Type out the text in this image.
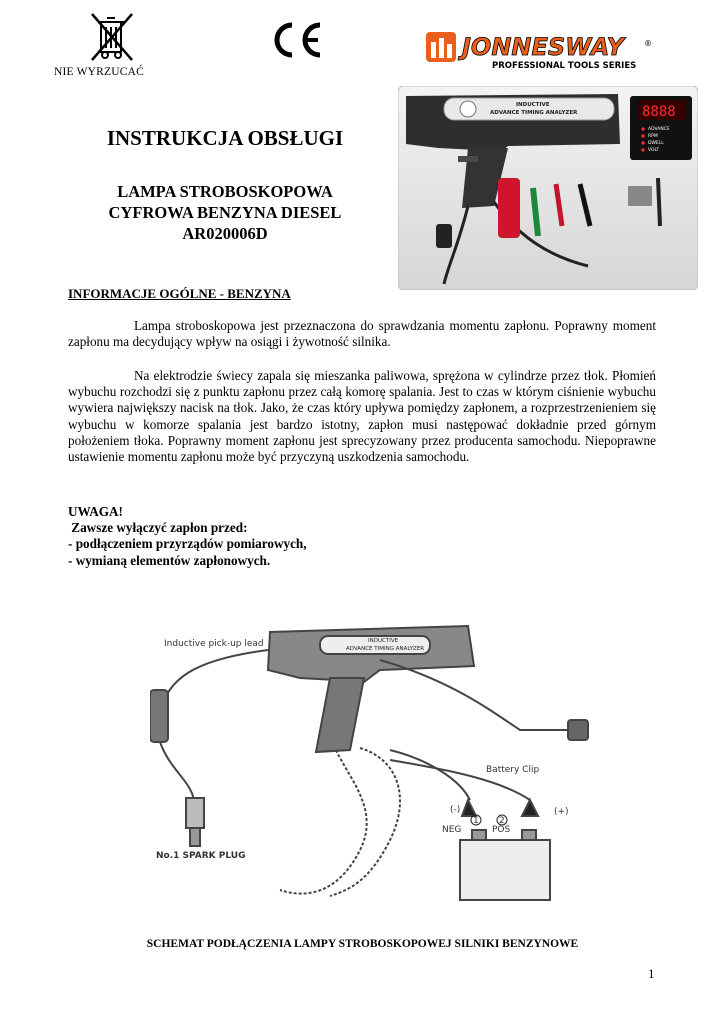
NIE WYRZUCAĆ
JONNESWAY	®
PROFESSIONAL TOOLS SERIES
INDUCTIVE
ADVANCE TIMING ANALYZER	8888
ADVANCE
RPM
DWELL
VOLT
INSTRUKCJA OBSŁUGI
LAMPA STROBOSKOPOWA
CYFROWA BENZYNA DIESEL
AR020006D
INFORMACJE OGÓLNE - BENZYNA
Lampa stroboskopowa jest przeznaczona do sprawdzania momentu zapłonu. Poprawny moment zapłonu ma decydujący wpływ na osiągi i żywotność silnika.
Na elektrodzie świecy zapala się mieszanka paliwowa, sprężona w cylindrze przez tłok. Płomień wybuchu rozchodzi się z punktu zapłonu przez całą komorę spalania. Jest to czas w którym ciśnienie wybuchu wywiera największy nacisk na tłok. Jako, że czas który upływa pomiędzy zapłonem, a rozprzestrzenieniem się wybuchu w komorze spalania jest bardzo istotny, zapłon musi następować dokładnie przed górnym położeniem tłoka. Poprawny moment zapłonu jest sprecyzowany przez producenta samochodu. Niepoprawne ustawienie momentu zapłonu może być przyczyną uszkodzenia samochodu.
UWAGA!
Zawsze wyłączyć zapłon przed:
- podłączeniem przyrządów pomiarowych,
- wymianą elementów zapłonowych.
INDUCTIVE
ADVANCE TIMING ANALYZER
Inductive pick-up lead
Battery Clip
(-)	(+)
NEG	POS
1 2
No.1 SPARK PLUG
SCHEMAT PODŁĄCZENIA LAMPY STROBOSKOPOWEJ SILNIKI BENZYNOWE
1
